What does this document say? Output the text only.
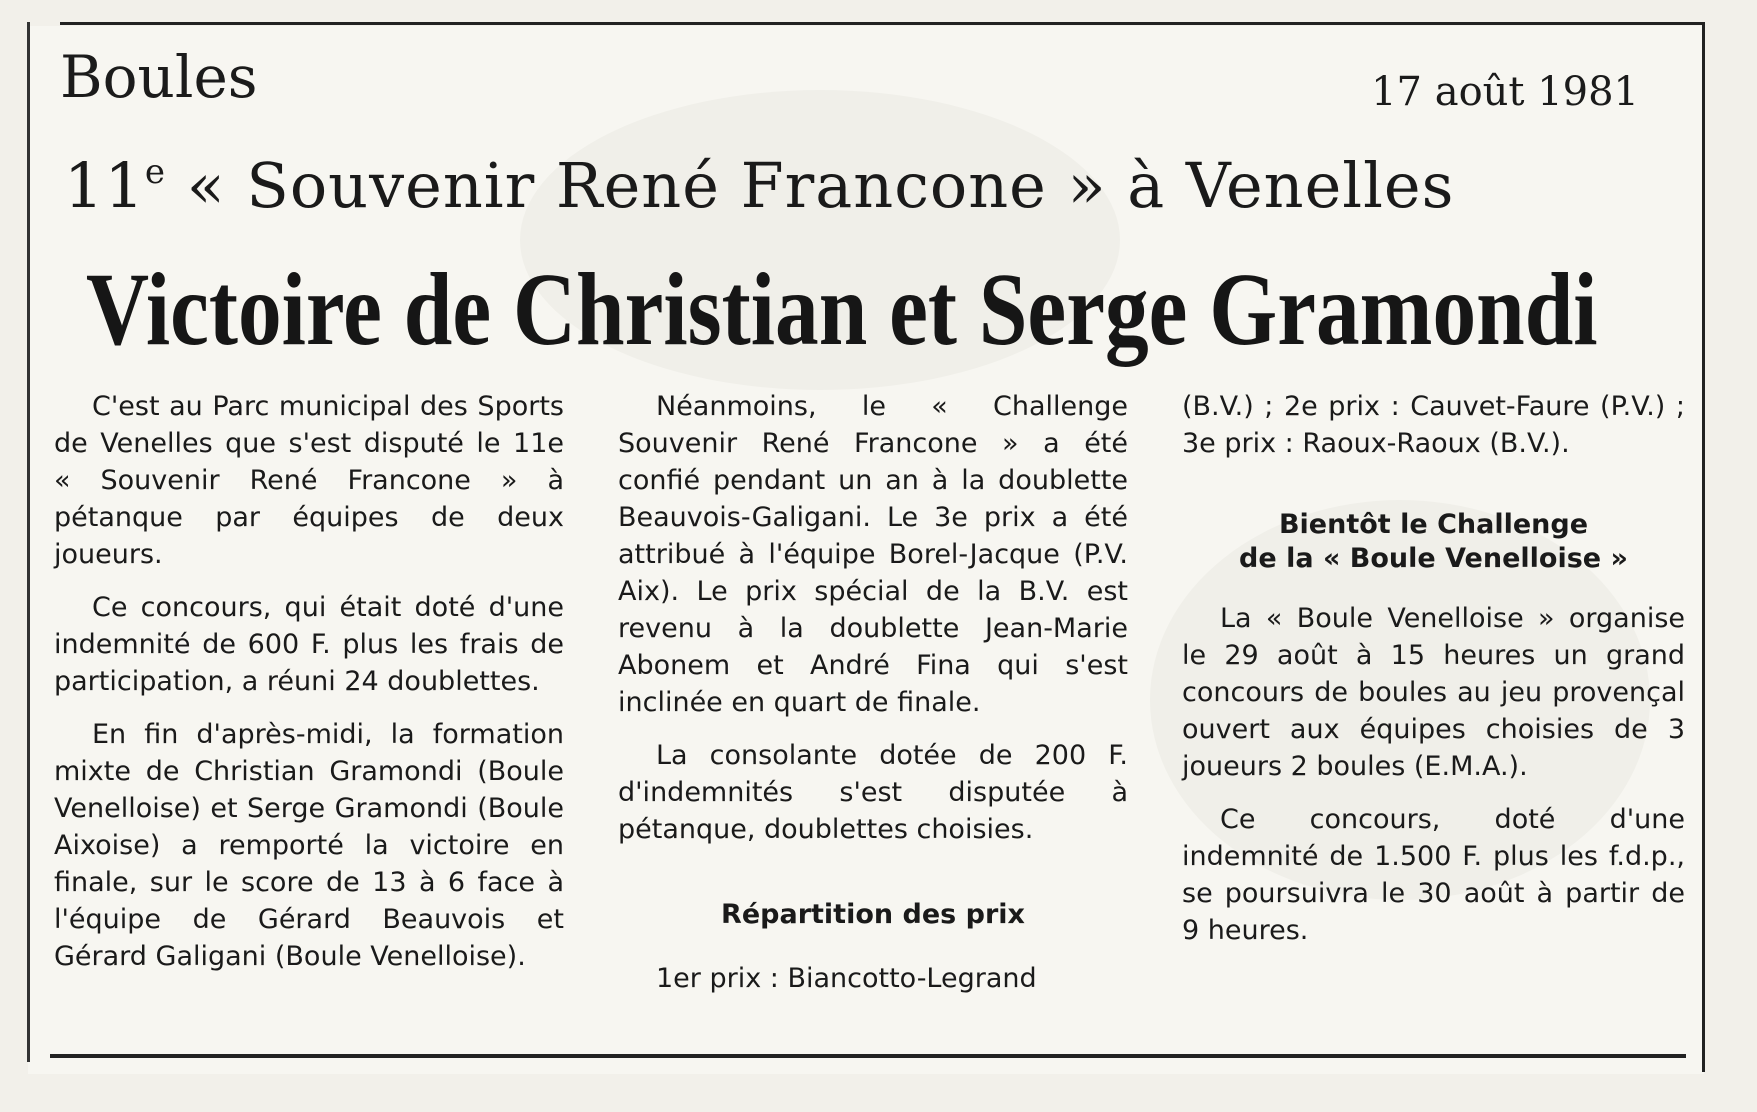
Boules	17 août 1981
11e « Souvenir René Francone » à Venelles
Victoire de Christian et Serge Gramondi

C'est au Parc municipal des Sports de Venelles que s'est disputé le 11e « Souvenir René Francone » à pétanque par équipes de deux joueurs.

Ce concours, qui était doté d'une indemnité de 600 F. plus les frais de participation, a réuni 24 doublettes.

En fin d'après-midi, la formation mixte de Christian Gramondi (Boule Venelloise) et Serge Gramondi (Boule Aixoise) a remporté la victoire en finale, sur le score de 13 à 6 face à l'équipe de Gérard Beauvois et Gérard Galigani (Boule Venelloise).

Néanmoins, le « Challenge Souvenir René Francone » a été confié pendant un an à la doublette Beauvois-Galigani. Le 3e prix a été attribué à l'équipe Borel-Jacque (P.V. Aix). Le prix spécial de la B.V. est revenu à la doublette Jean-Marie Abonem et André Fina qui s'est inclinée en quart de finale.

La consolante dotée de 200 F. d'indemnités s'est disputée à pétanque, doublettes choisies.

Répartition des prix

1er prix : Biancotto-Legrand

(B.V.) ; 2e prix : Cauvet-Faure (P.V.) ; 3e prix : Raoux-Raoux (B.V.).

Bientôt le Challenge
de la « Boule Venelloise »

La « Boule Venelloise » organise le 29 août à 15 heures un grand concours de boules au jeu provençal ouvert aux équipes choisies de 3 joueurs 2 boules (E.M.A.).

Ce concours, doté d'une indemnité de 1.500 F. plus les f.d.p., se poursuivra le 30 août à partir de 9 heures.
